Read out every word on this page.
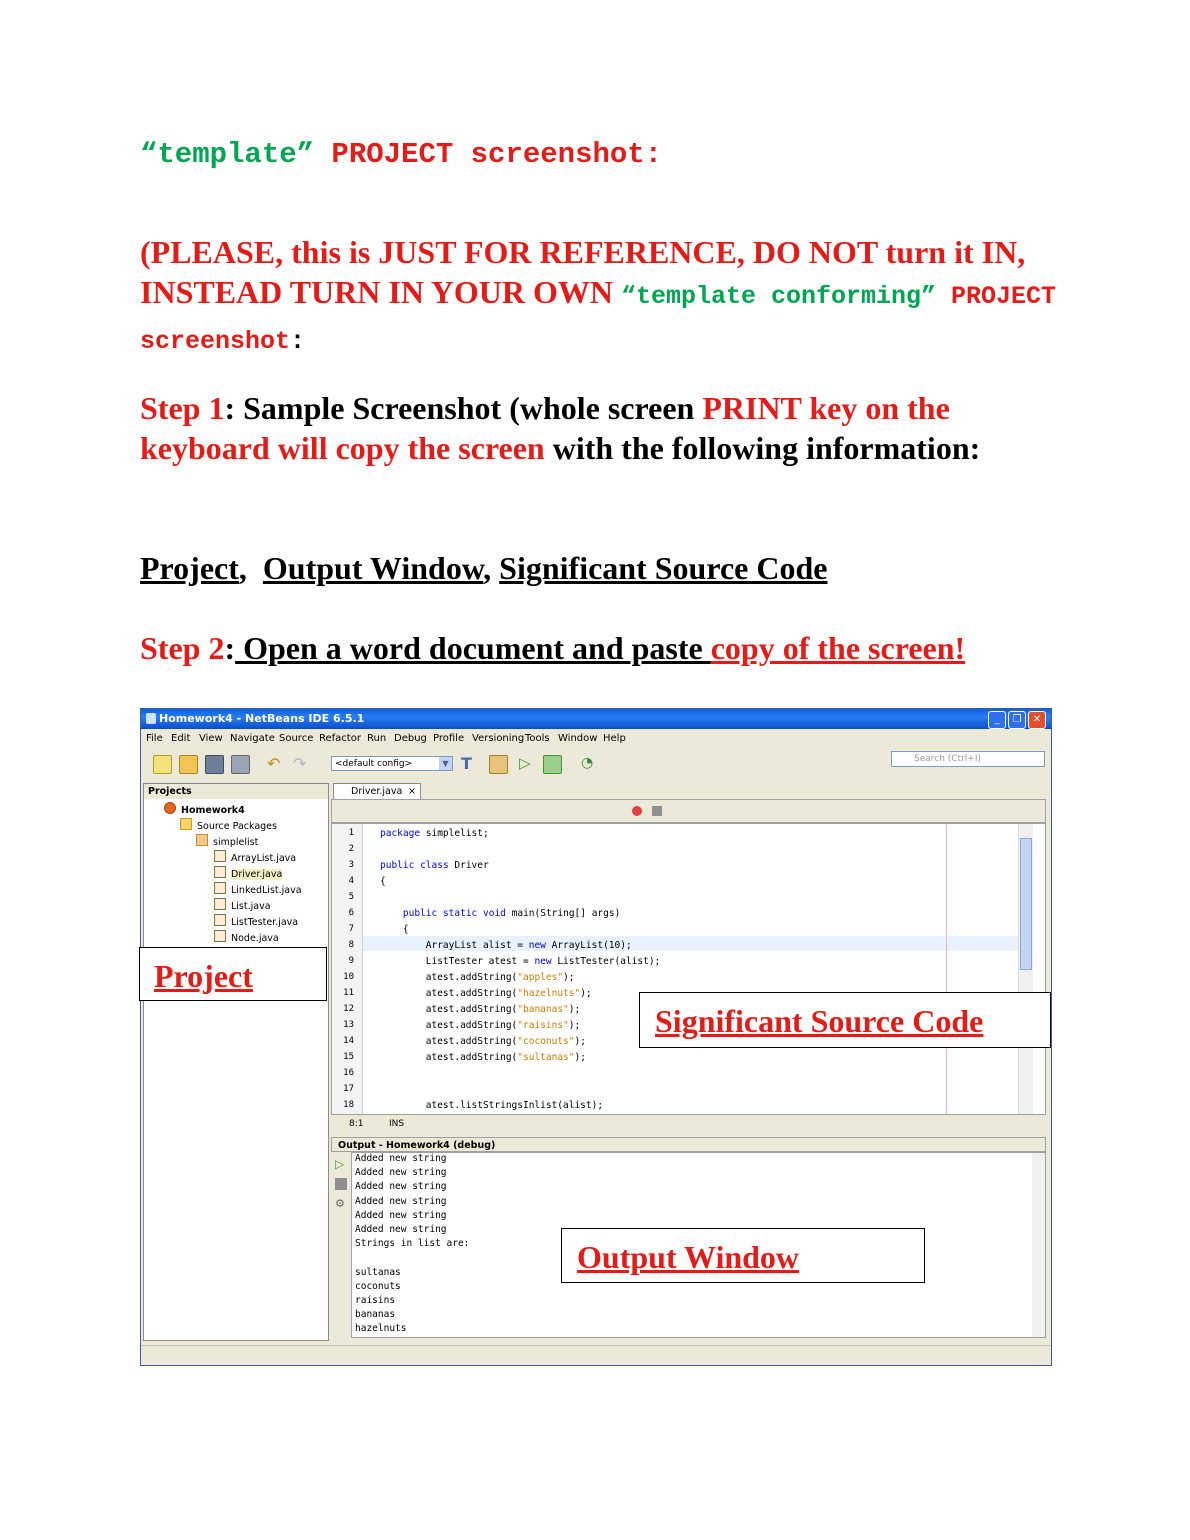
“template” PROJECT screenshot:
(PLEASE, this is JUST FOR REFERENCE, DO NOT turn it IN, INSTEAD TURN IN YOUR OWN “template conforming” PROJECT screenshot:
Step 1: Sample Screenshot (whole screen PRINT key on the keyboard will copy the screen with the following information:
Project,  Output Window, Significant Source Code
Step 2: Open a word document and paste copy of the screen!
Homework4 - NetBeans IDE 6.5.1	_	❐	✕
File Edit View Navigate Source Refactor Run Debug Profile Versioning Tools Window Help
↶ ↷	T	▷	◔
<default config>	▼	Search (Ctrl+I)
Projects
Homework4
Source Packages
simplelist
ArrayList.java
Driver.java
LinkedList.java
List.java
ListTester.java
Node.java
Driver.java ×
1
2
3
4
5
6
7
8
9
10
11
12
13
14
15
16
17
18
package simplelist;
public class Driver
{
public static void main(String[] args)
{
ArrayList alist = new ArrayList(10);
ListTester atest = new ListTester(alist);
atest.addString("apples");
atest.addString("hazelnuts");
atest.addString("bananas");
atest.addString("raisins");
atest.addString("coconuts");
atest.addString("sultanas");
atest.listStringsInlist(alist);
8:1	INS
Output - Homework4 (debug)
▷
⚙
Added new string
Added new string
Added new string
Added new string
Added new string
Added new string
Strings in list are:
sultanas
coconuts
raisins
bananas
hazelnuts
Project
Significant Source Code
Output Window
